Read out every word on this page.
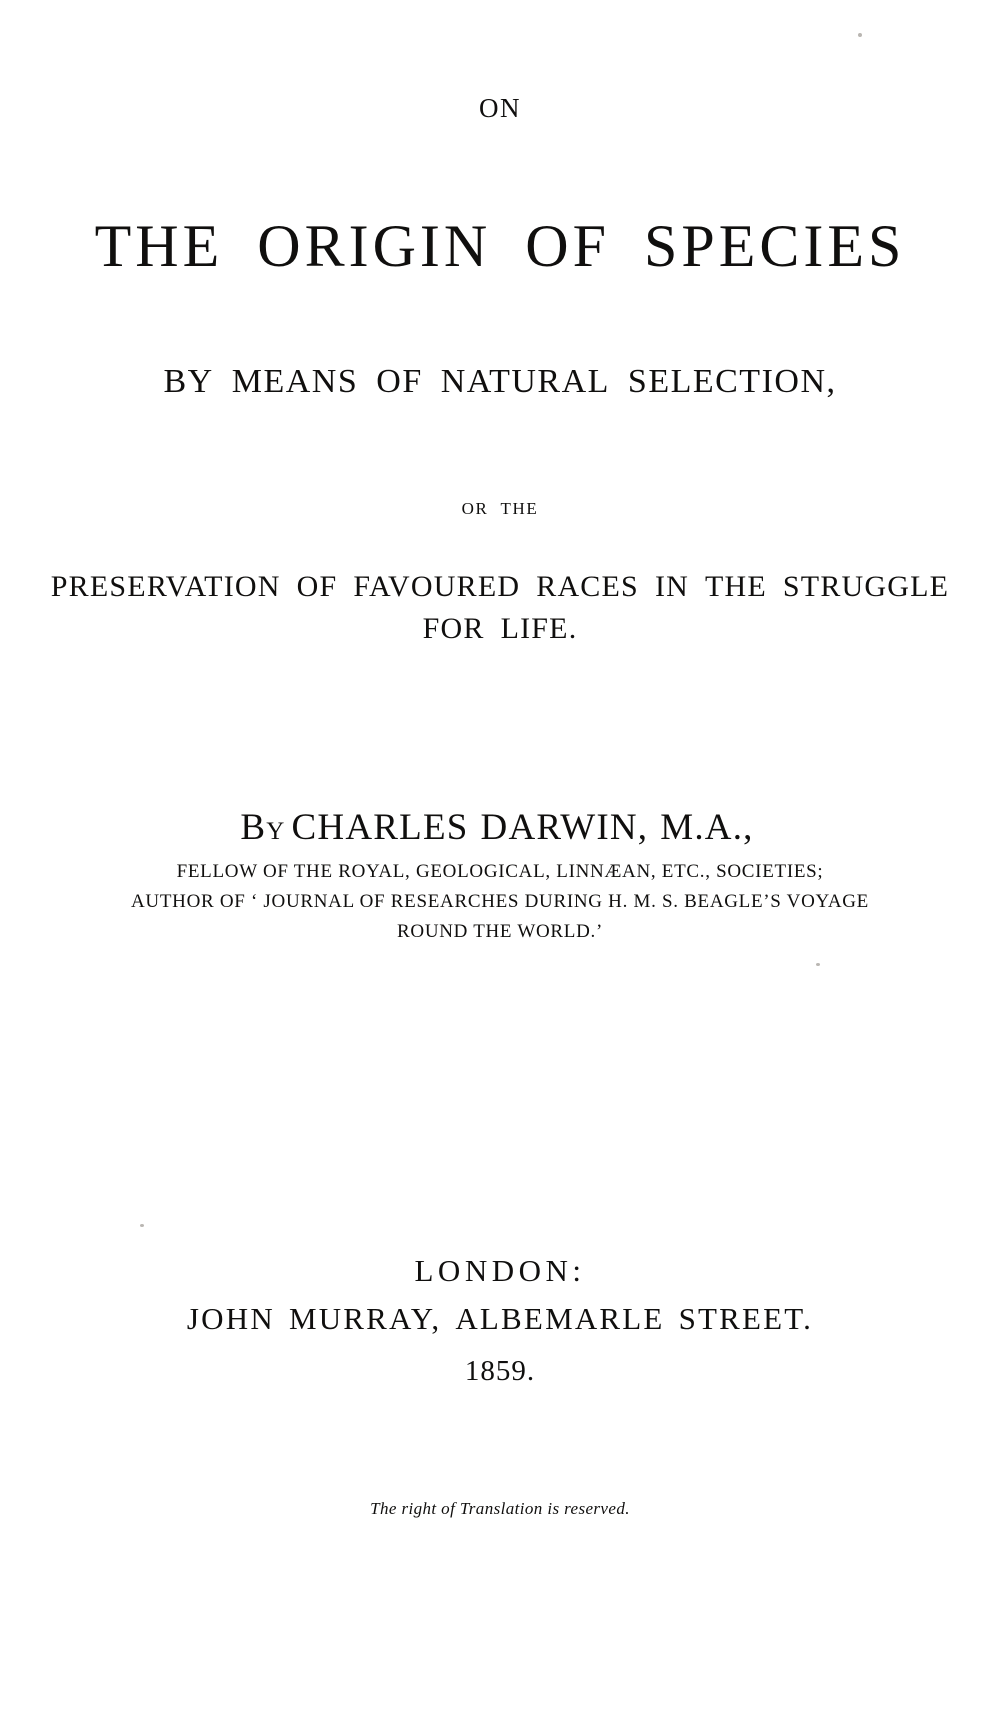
ON
THE ORIGIN OF SPECIES
BY MEANS OF NATURAL SELECTION,
OR THE
PRESERVATION OF FAVOURED RACES IN THE STRUGGLE
FOR LIFE.
BY CHARLES DARWIN, M.A.,
FELLOW OF THE ROYAL, GEOLOGICAL, LINNÆAN, ETC., SOCIETIES;
AUTHOR OF ‘ JOURNAL OF RESEARCHES DURING H. M. S. BEAGLE’S VOYAGE
ROUND THE WORLD.’
LONDON:
JOHN MURRAY, ALBEMARLE STREET.
1859.
The right of Translation is reserved.
